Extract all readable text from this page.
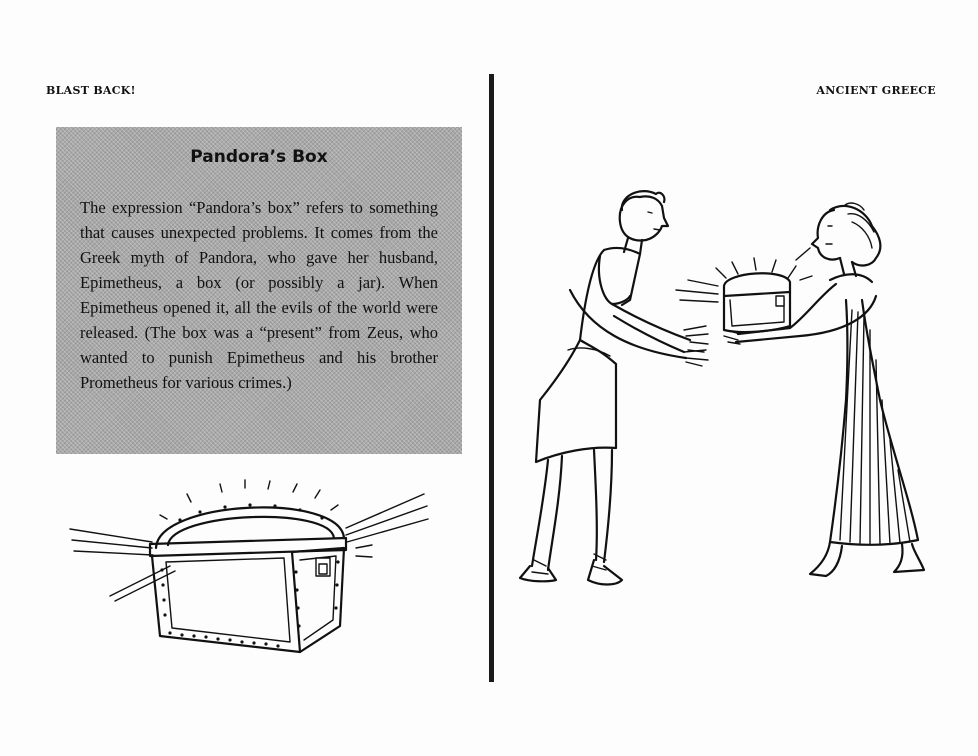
BLAST BACK!	ANCIENT GREECE
Pandora’s Box

The expression “Pandora’s box” refers to something that causes unexpected problems. It comes from the Greek myth of Pandora, who gave her husband, Epimetheus, a box (or possibly a jar). When Epimetheus opened it, all the evils of the world were released. (The box was a “present” from Zeus, who wanted to punish Epimetheus and his brother Prometheus for various crimes.)
